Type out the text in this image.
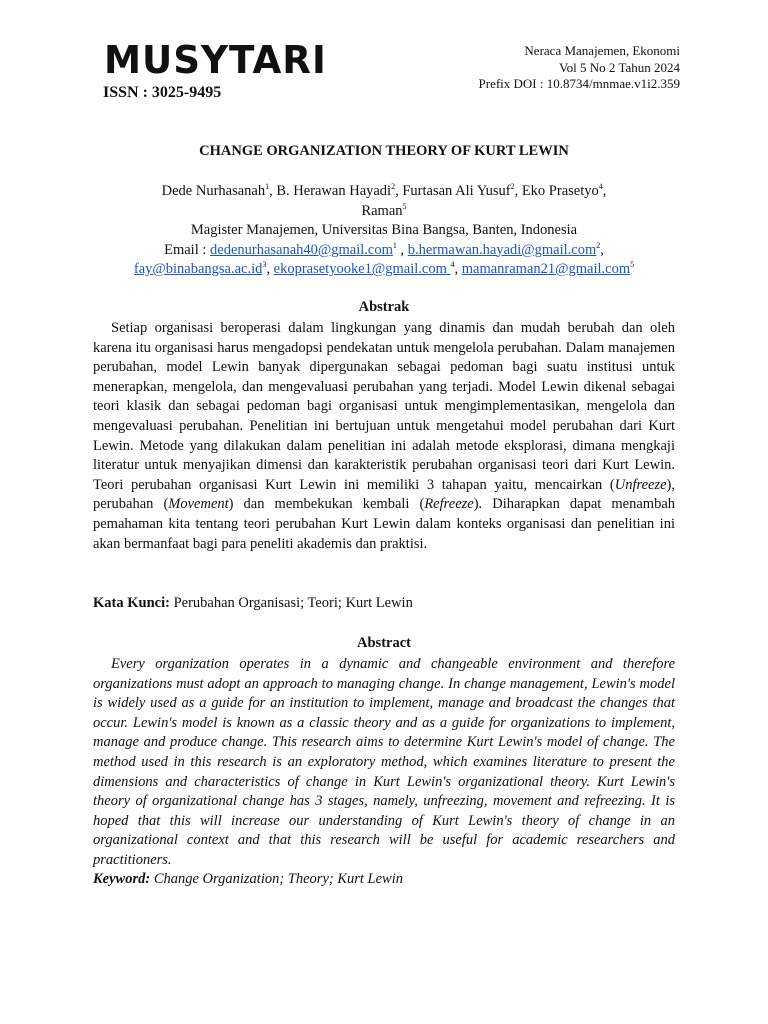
MUSYTARI
ISSN : 3025-9495
Neraca Manajemen, Ekonomi
Vol 5 No 2 Tahun 2024
Prefix DOI : 10.8734/mnmae.v1i2.359
CHANGE ORGANIZATION THEORY OF KURT LEWIN
Dede Nurhasanah$^1$, B. Herawan Hayadi$^2$, Furtasan Ali Yusuf$^2$, Eko Prasetyo$^4$,
Raman$^5$
Magister Manajemen, Universitas Bina Bangsa, Banten, Indonesia
Email : dedenurhasanah40@gmail.com$^1$ , b.hermawan.hayadi@gmail.com$^2$,
$fay@binabangsa.ac.id^3$, ekoprasetyooke1@gmail.com $^4$, mamanraman21@gmail.com$^5$
Abstrak

Setiap organisasi beroperasi dalam lingkungan yang dinamis dan mudah berubah dan oleh karena itu organisasi harus mengadopsi pendekatan untuk mengelola perubahan. Dalam manajemen perubahan, model Lewin banyak dipergunakan sebagai pedoman bagi suatu institusi untuk menerapkan, mengelola, dan mengevaluasi perubahan yang terjadi. Model Lewin dikenal sebagai teori klasik dan sebagai pedoman bagi organisasi untuk mengimplementasikan, mengelola dan mengevaluasi perubahan. Penelitian ini bertujuan untuk mengetahui model perubahan dari Kurt Lewin. Metode yang dilakukan dalam penelitian ini adalah metode eksplorasi, dimana mengkaji literatur untuk menyajikan dimensi dan karakteristik perubahan organisasi teori dari Kurt Lewin. Teori perubahan organisasi Kurt Lewin ini memiliki 3 tahapan yaitu, mencairkan (Unfreeze), perubahan (Movement) dan membekukan kembali (Refreeze). Diharapkan dapat menambah pemahaman kita tentang teori perubahan Kurt Lewin dalam konteks organisasi dan penelitian ini akan bermanfaat bagi para peneliti akademis dan praktisi.

Kata Kunci: Perubahan Organisasi; Teori; Kurt Lewin
Abstract

Every organization operates in a dynamic and changeable environment and therefore organizations must adopt an approach to managing change. In change management, Lewin's model is widely used as a guide for an institution to implement, manage and broadcast the changes that occur. Lewin's model is known as a classic theory and as a guide for organizations to implement, manage and produce change. This research aims to determine Kurt Lewin's model of change. The method used in this research is an exploratory method, which examines literature to present the dimensions and characteristics of change in Kurt Lewin's organizational theory. Kurt Lewin's theory of organizational change has 3 stages, namely, unfreezing, movement and refreezing. It is hoped that this will increase our understanding of Kurt Lewin's theory of change in an organizational context and that this research will be useful for academic researchers and practitioners.

Keyword: Change Organization; Theory; Kurt Lewin
